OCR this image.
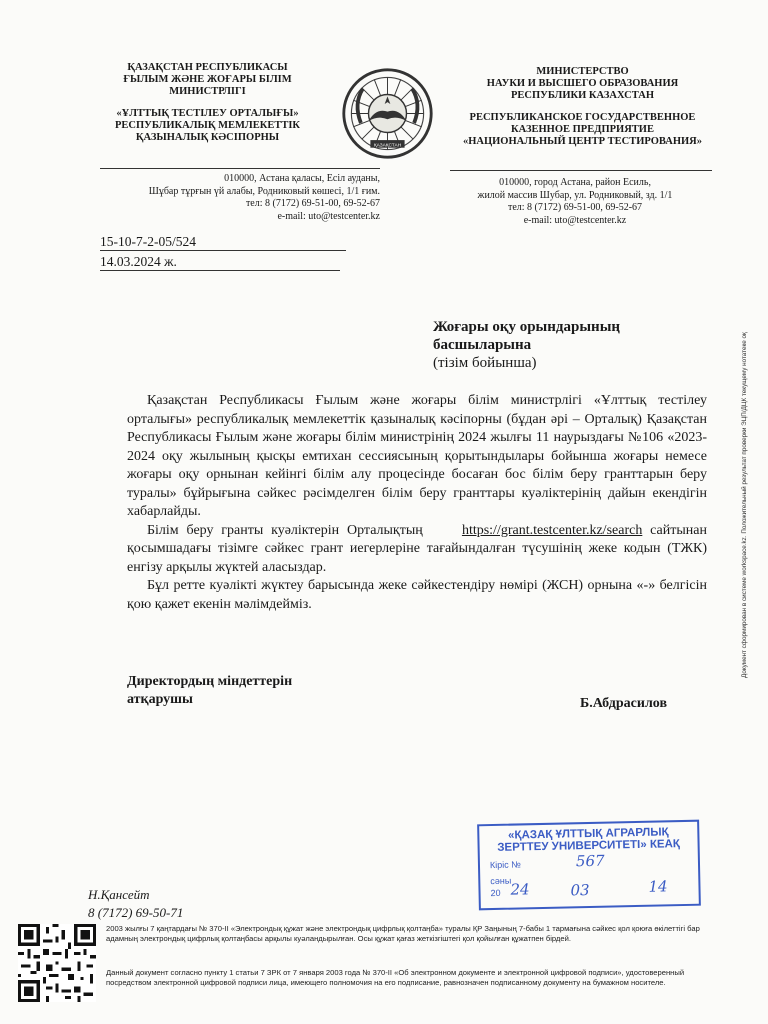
ҚАЗАҚСТАН РЕСПУБЛИКАСЫ
ҒЫЛЫМ ЖӘНЕ ЖОҒАРЫ БІЛІМ
МИНИСТРЛІГІ
«ҰЛТТЫҚ ТЕСТІЛЕУ ОРТАЛЫҒЫ»
РЕСПУБЛИКАЛЫҚ МЕМЛЕКЕТТІК
ҚАЗЫНАЛЫҚ КӘСІПОРНЫ
ҚАЗАҚСТАН
МИНИСТЕРСТВО
НАУКИ И ВЫСШЕГО ОБРАЗОВАНИЯ
РЕСПУБЛИКИ КАЗАХСТАН
РЕСПУБЛИКАНСКОЕ ГОСУДАРСТВЕННОЕ
КАЗЕННОЕ ПРЕДПРИЯТИЕ
«НАЦИОНАЛЬНЫЙ ЦЕНТР ТЕСТИРОВАНИЯ»
010000, Астана қаласы, Есіл ауданы,
Шұбар тұрғын үй алабы, Родниковый көшесі, 1/1 ғим.
тел: 8 (7172) 69-51-00, 69-52-67
e-mail: uto@testcenter.kz
010000, город Астана, район Есиль,
жилой массив Шубар, ул. Родниковый, зд. 1/1
тел: 8 (7172) 69-51-00, 69-52-67
e-mail: uto@testcenter.kz
15-10-7-2-05/524
14.03.2024 ж.
Жоғары оқу орындарының
басшыларына
(тізім бойынша)

Қазақстан Республикасы Ғылым және жоғары білім министрлігі «Ұлттық тестілеу орталығы» республикалық мемлекеттік қазыналық кәсіпорны (бұдан әрі – Орталық) Қазақстан Республикасы Ғылым және жоғары білім министрінің 2024 жылғы 11 наурыздағы №106 «2023-2024 оқу жылының қысқы емтихан сессиясының қорытындылары бойынша жоғары немесе жоғары оқу орнынан кейінгі білім алу процесінде босаған бос білім беру гранттарын беру туралы» бұйрығына сәйкес рәсімделген білім беру гранттары куәліктерінің дайын екендігін хабарлайды.

Білім беру гранты куәліктерін Орталықтың	https://grant.testcenter.kz/search сайтынан қосымшадағы тізімге сәйкес грант иегерлеріне тағайындалған түсушінің жеке кодын (ТЖК) енгізу арқылы жүктей аласыздар.

Бұл ретте куәлікті жүктеу барысында жеке сәйкестендіру нөмірі (ЖСН) орнына «-» белгісін қою қажет екенін мәлімдейміз.

Директордың міндеттерін
атқарушы	Б.Абдрасилов
Документ сформирован в системе workspace.kz. Положительный результат проверки ЭЦП/ДЦК текущему нотатеке оқ
«ҚАЗАҚ ҰЛТТЫҚ АГРАРЛЫҚ
ЗЕРТТЕУ УНИВЕРСИТЕТІ» КЕАҚ
Кіріс №	567
сәны
20 24	03	14
Н.Қансейт
8 (7172) 69-50-71
2003 жылғы 7 қаңтардағы № 370-II «Электрондық құжат және электрондық цифрлық қолтаңба» туралы ҚР Заңының 7-бабы 1 тармағына сәйкес қол қоюға өкілеттігі бар адамның электрондық цифрлық қолтаңбасы арқылы куәландырылған. Осы құжат қағаз жеткізгіштегі қол қойылған құжатпен бірдей.
Данный документ согласно пункту 1 статьи 7 ЗРК от 7 января 2003 года № 370-II «Об электронном документе и электронной цифровой подписи», удостоверенный посредством электронной цифровой подписи лица, имеющего полномочия на его подписание, равнозначен подписанному документу на бумажном носителе.
